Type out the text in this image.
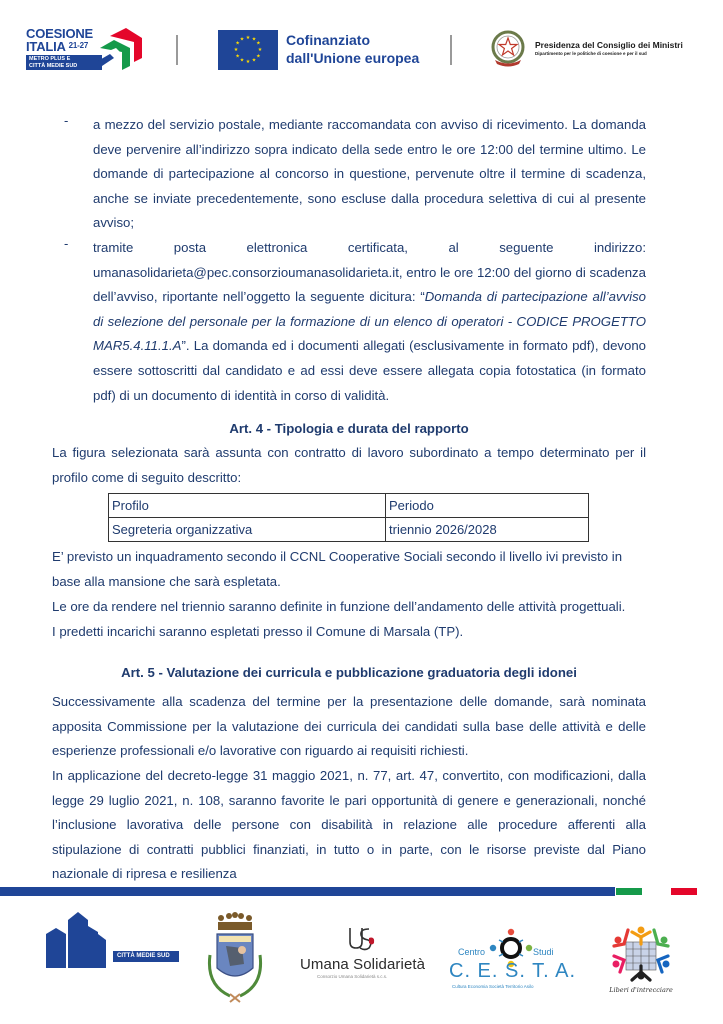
COESIONE
ITALIA $^{21-27}$
METRO PLUS E
CITTÀ MEDIE SUD
★ ★
★
★
★
★
★
★
★
★
★
★	Cofinanziato
dall'Unione europea
Presidenza del Consiglio dei Ministri
Dipartimento per le politiche di coesione e per il sud
- a mezzo del servizio postale, mediante raccomandata con avviso di ricevimento. La domanda deve pervenire all’indirizzo sopra indicato della sede entro le ore 12:00 del termine ultimo. Le domande di partecipazione al concorso in questione, pervenute oltre il termine di scadenza, anche se inviate precedentemente, sono escluse dalla procedura selettiva di cui al presente avviso;
- tramite posta elettronica certificata, al seguente indirizzo:
umanasolidarieta@pec.consorzioumanasolidarieta.it, entro le ore 12:00 del giorno di scadenza dell’avviso, riportante nell’oggetto la seguente dicitura: “Domanda di partecipazione all’avviso di selezione del personale per la formazione di un elenco di operatori - CODICE PROGETTO MAR5.4.11.1.A”. La domanda ed i documenti allegati (esclusivamente in formato pdf), devono essere sottoscritti dal candidato e ad essi deve essere allegata copia fotostatica (in formato pdf) di un documento di identità in corso di validità.
Art. 4 - Tipologia e durata del rapporto
La figura selezionata sarà assunta con contratto di lavoro subordinato a tempo determinato per il profilo come di seguito descritto:
Profilo	Periodo
Segreteria organizzativa	triennio 2026/2028
E’ previsto un inquadramento secondo il CCNL Cooperative Sociali secondo il livello ivi previsto in base alla mansione che sarà espletata.
Le ore da rendere nel triennio saranno definite in funzione dell’andamento delle attività progettuali.
I predetti incarichi saranno espletati presso il Comune di Marsala (TP).
Art. 5 - Valutazione dei curricula e pubblicazione graduatoria degli idonei
Successivamente alla scadenza del termine per la presentazione delle domande, sarà nominata apposita Commissione per la valutazione dei curricula dei candidati sulla base delle attività e delle esperienze professionali e/o lavorative con riguardo ai requisiti richiesti.
In applicazione del decreto-legge 31 maggio 2021, n. 77, art. 47, convertito, con modificazioni, dalla legge 29 luglio 2021, n. 108, saranno favorite le pari opportunità di genere e generazionali, nonché l’inclusione lavorativa delle persone con disabilità in relazione alle procedure afferenti alla stipulazione di contratti pubblici finanziati, in tutto o in parte, con le risorse previste dal Piano nazionale di ripresa e resilienza
CITTÀ MEDIE SUD	Umana Solidarietà
Consorzio Umana Solidarietà s.c.s.
Centro	Studi
C. E. S. T. A.
Cultura Economia Società Territorio Asilo	Liberi d'intrecciare
